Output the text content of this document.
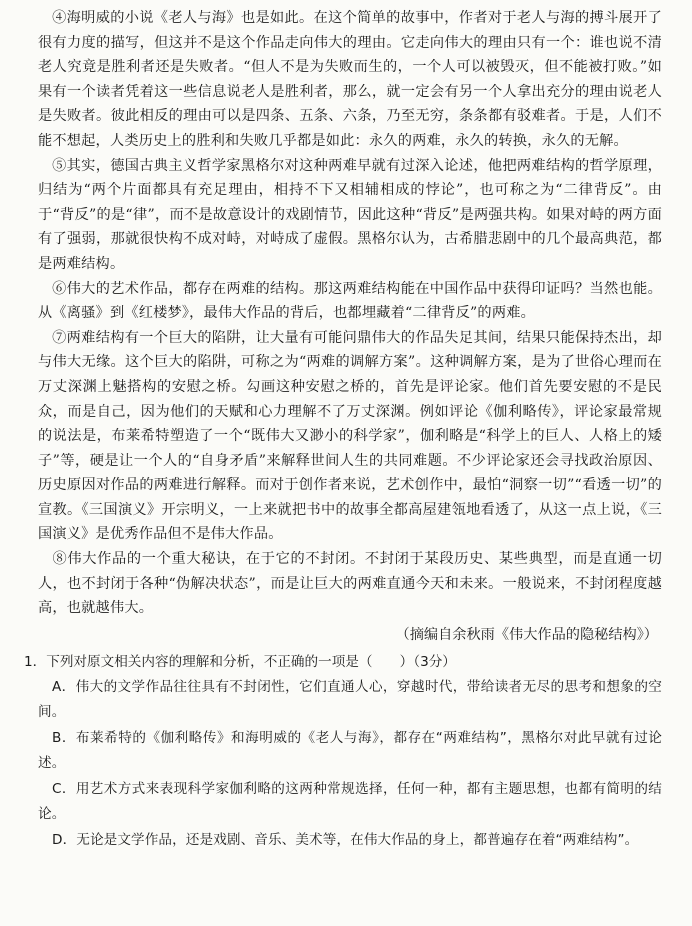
④海明威的小说《老人与海》也是如此。在这个简单的故事中，作者对于老人与海的搏斗展开了很有力度的描写，但这并不是这个作品走向伟大的理由。它走向伟大的理由只有一个：谁也说不清老人究竟是胜利者还是失败者。“但人不是为失败而生的，一个人可以被毁灭，但不能被打败。”如果有一个读者凭着这一些信息说老人是胜利者，那么，就一定会有另一个人拿出充分的理由说老人是失败者。彼此相反的理由可以是四条、五条、六条，乃至无穷，条条都有驳难者。于是，人们不能不想起，人类历史上的胜利和失败几乎都是如此：永久的两难，永久的转换，永久的无解。

⑤其实，德国古典主义哲学家黑格尔对这种两难早就有过深入论述，他把两难结构的哲学原理，归结为“两个片面都具有充足理由，相持不下又相辅相成的悖论”，也可称之为“二律背反”。由于“背反”的是“律”，而不是故意设计的戏剧情节，因此这种“背反”是两强共构。如果对峙的两方面有了强弱，那就很快构不成对峙，对峙成了虚假。黑格尔认为，古希腊悲剧中的几个最高典范，都是两难结构。

⑥伟大的艺术作品，都存在两难的结构。那这两难结构能在中国作品中获得印证吗？当然也能。从《离骚》到《红楼梦》，最伟大作品的背后，也都埋藏着“二律背反”的两难。

⑦两难结构有一个巨大的陷阱，让大量有可能问鼎伟大的作品失足其间，结果只能保持杰出，却与伟大无缘。这个巨大的陷阱，可称之为“两难的调解方案”。这种调解方案，是为了世俗心理而在万丈深渊上魅搭构的安慰之桥。勾画这种安慰之桥的，首先是评论家。他们首先要安慰的不是民众，而是自己，因为他们的天赋和心力理解不了万丈深渊。例如评论《伽利略传》，评论家最常规的说法是，布莱希特塑造了一个“既伟大又渺小的科学家”，伽利略是“科学上的巨人、人格上的矮子”等，硬是让一个人的“自身矛盾”来解释世间人生的共同难题。不少评论家还会寻找政治原因、历史原因对作品的两难进行解释。而对于创作者来说，艺术创作中，最怕“洞察一切”“看透一切”的宣教。《三国演义》开宗明义，一上来就把书中的故事全都高屋建瓴地看透了，从这一点上说，《三国演义》是优秀作品但不是伟大作品。

⑧伟大作品的一个重大秘诀，在于它的不封闭。不封闭于某段历史、某些典型，而是直通一切人，也不封闭于各种“伪解决状态”，而是让巨大的两难直通今天和未来。一般说来，不封闭程度越高，也就越伟大。

（摘编自余秋雨《伟大作品的隐秘结构》）

1．下列对原文相关内容的理解和分析，不正确的一项是（　　）（3分）

A．伟大的文学作品往往具有不封闭性，它们直通人心，穿越时代，带给读者无尽的思考和想象的空间。

B．布莱希特的《伽利略传》和海明威的《老人与海》，都存在“两难结构”，黑格尔对此早就有过论述。

C．用艺术方式来表现科学家伽利略的这两种常规选择，任何一种，都有主题思想，也都有简明的结论。

D．无论是文学作品，还是戏剧、音乐、美术等，在伟大作品的身上，都普遍存在着“两难结构”。
